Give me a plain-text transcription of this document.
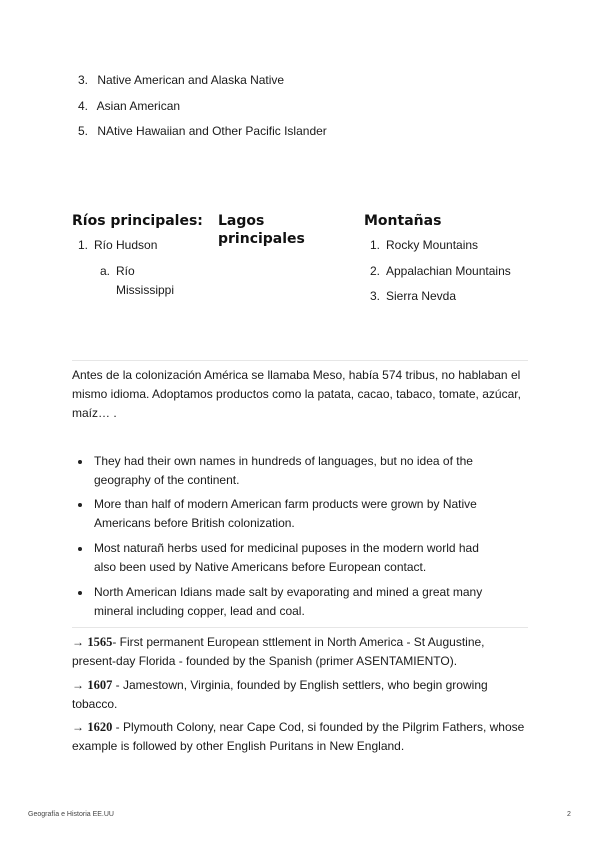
3. Native American and Alaska Native
4. Asian American
5. NAtive Hawaiian and Other Pacific Islander
Ríos principales:
1. Río Hudson
a. Río
Mississippi
Lagos
principales
Montañas
1. Rocky Mountains
2. Appalachian Mountains
3. Sierra Nevda
Antes de la colonización América se llamaba Meso, había 574 tribus, no hablaban el mismo idioma. Adoptamos productos como la patata, cacao, tabaco, tomate, azúcar, maíz… .
They had their own names in hundreds of languages, but no idea of the geography of the continent.
More than half of modern American farm products were grown by Native Americans before British colonization.
Most naturañ herbs used for medicinal puposes in the modern world had also been used by Native Americans before European contact.
North American Idians made salt by evaporating and mined a great many mineral including copper, lead and coal.
→ 1565- First permanent European sttlement in North America - St Augustine, present-day Florida - founded by the Spanish (primer ASENTAMIENTO).
→ 1607 - Jamestown, Virginia, founded by English settlers, who begin growing tobacco.
→ 1620 - Plymouth Colony, near Cape Cod, si founded by the Pilgrim Fathers, whose example is followed by other English Puritans in New England.
Geografía e Historia EE.UU	2
